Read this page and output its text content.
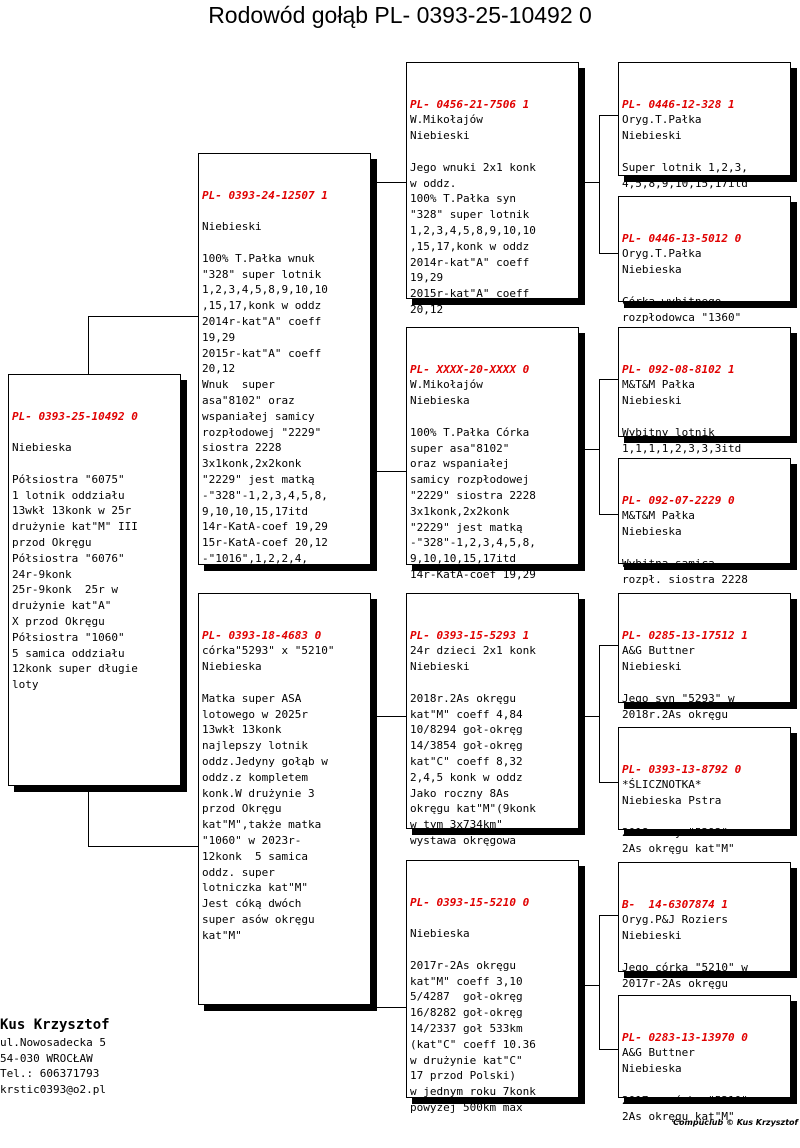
Rodowód gołąb PL- 0393-25-10492 0

PL- 0393-25-10492 0

Niebieska

Półsiostra "6075"
1 lotnik oddziału
13wkł 13konk w 25r
drużynie kat"M" III
przod Okręgu
Półsiostra "6076"
24r-9konk
25r-9konk  25r w
drużynie kat"A"
X przod Okręgu
Półsiostra "1060"
5 samica oddziału
12konk super długie
loty

PL- 0393-24-12507 1

Niebieski

100% T.Pałka wnuk
"328" super lotnik
1,2,3,4,5,8,9,10,10
,15,17,konk w oddz
2014r-kat"A" coeff
19,29
2015r-kat"A" coeff
20,12
Wnuk  super
asa"8102" oraz
wspaniałej samicy
rozpłodowej "2229"
siostra 2228
3x1konk,2x2konk
"2229" jest matką
-"328"-1,2,3,4,5,8,
9,10,10,15,17itd
14r-KatA-coef 19,29
15r-KatA-coef 20,12
-"1016",1,2,2,4,

PL- 0393-18-4683 0
córka"5293" x "5210"
Niebieska

Matka super ASA
lotowego w 2025r
13wkł 13konk
najlepszy lotnik
oddz.Jedyny gołąb w
oddz.z kompletem
konk.W drużynie 3
przod Okręgu
kat"M",także matka
"1060" w 2023r-
12konk  5 samica
oddz. super
lotniczka kat"M"
Jest cóką dwóch
super asów okręgu
kat"M"

PL- 0456-21-7506 1
W.Mikołajów
Niebieski

Jego wnuki 2x1 konk
w oddz.
100% T.Pałka syn
"328" super lotnik
1,2,3,4,5,8,9,10,10
,15,17,konk w oddz
2014r-kat"A" coeff
19,29
2015r-kat"A" coeff
20,12

PL- XXXX-20-XXXX 0
W.Mikołajów
Niebieska

100% T.Pałka Córka
super asa"8102"
oraz wspaniałej
samicy rozpłodowej
"2229" siostra 2228
3x1konk,2x2konk
"2229" jest matką
-"328"-1,2,3,4,5,8,
9,10,10,15,17itd
14r-KatA-coef 19,29

PL- 0393-15-5293 1
24r dzieci 2x1 konk
Niebieski

2018r.2As okręgu
kat"M" coeff 4,84
10/8294 goł-okręg
14/3854 goł-okręg
kat"C" coeff 8,32
2,4,5 konk w oddz
Jako roczny 8As
okręgu kat"M"(9konk
w tym 3x734km"
wystawa okręgowa

PL- 0393-15-5210 0

Niebieska

2017r-2As okręgu
kat"M" coeff 3,10
5/4287  goł-okręg
16/8282 goł-okręg
14/2337 goł 533km
(kat"C" coeff 10.36
w drużynie kat"C"
17 przod Polski)
w jednym roku 7konk
powyżej 500km max

PL- 0446-12-328 1
Oryg.T.Pałka
Niebieski

Super lotnik 1,2,3,
4,5,8,9,10,15,17itd

PL- 0446-13-5012 0
Oryg.T.Pałka
Niebieska

Córka wybitnego
rozpłodowca "1360"

PL- 092-08-8102 1
M&T&M Pałka
Niebieski

Wybitny lotnik
1,1,1,1,2,3,3,3itd

PL- 092-07-2229 0
M&T&M Pałka
Niebieska

Wybitna samica
rozpł. siostra 2228

PL- 0285-13-17512 1
A&G Buttner
Niebieski

Jego syn "5293" w
2018r.2As okręgu

PL- 0393-13-8792 0
*ŚLICZNOTKA*
Niebieska Pstra

2018r- syn"5293"
2As okręgu kat"M"

B-  14-6307874 1
Oryg.P&J Roziers
Niebieski

Jego córka "5210" w
2017r-2As okręgu

PL- 0283-13-13970 0
A&G Buttner
Niebieska

2017r- córka "5210"
2As okręgu kat"M"

Kus Krzysztof
ul.Nowosadecka 5
54-030 WROCŁAW
Tel.: 606371793
krstic0393@o2.pl
Compuclub © Kus Krzysztof
